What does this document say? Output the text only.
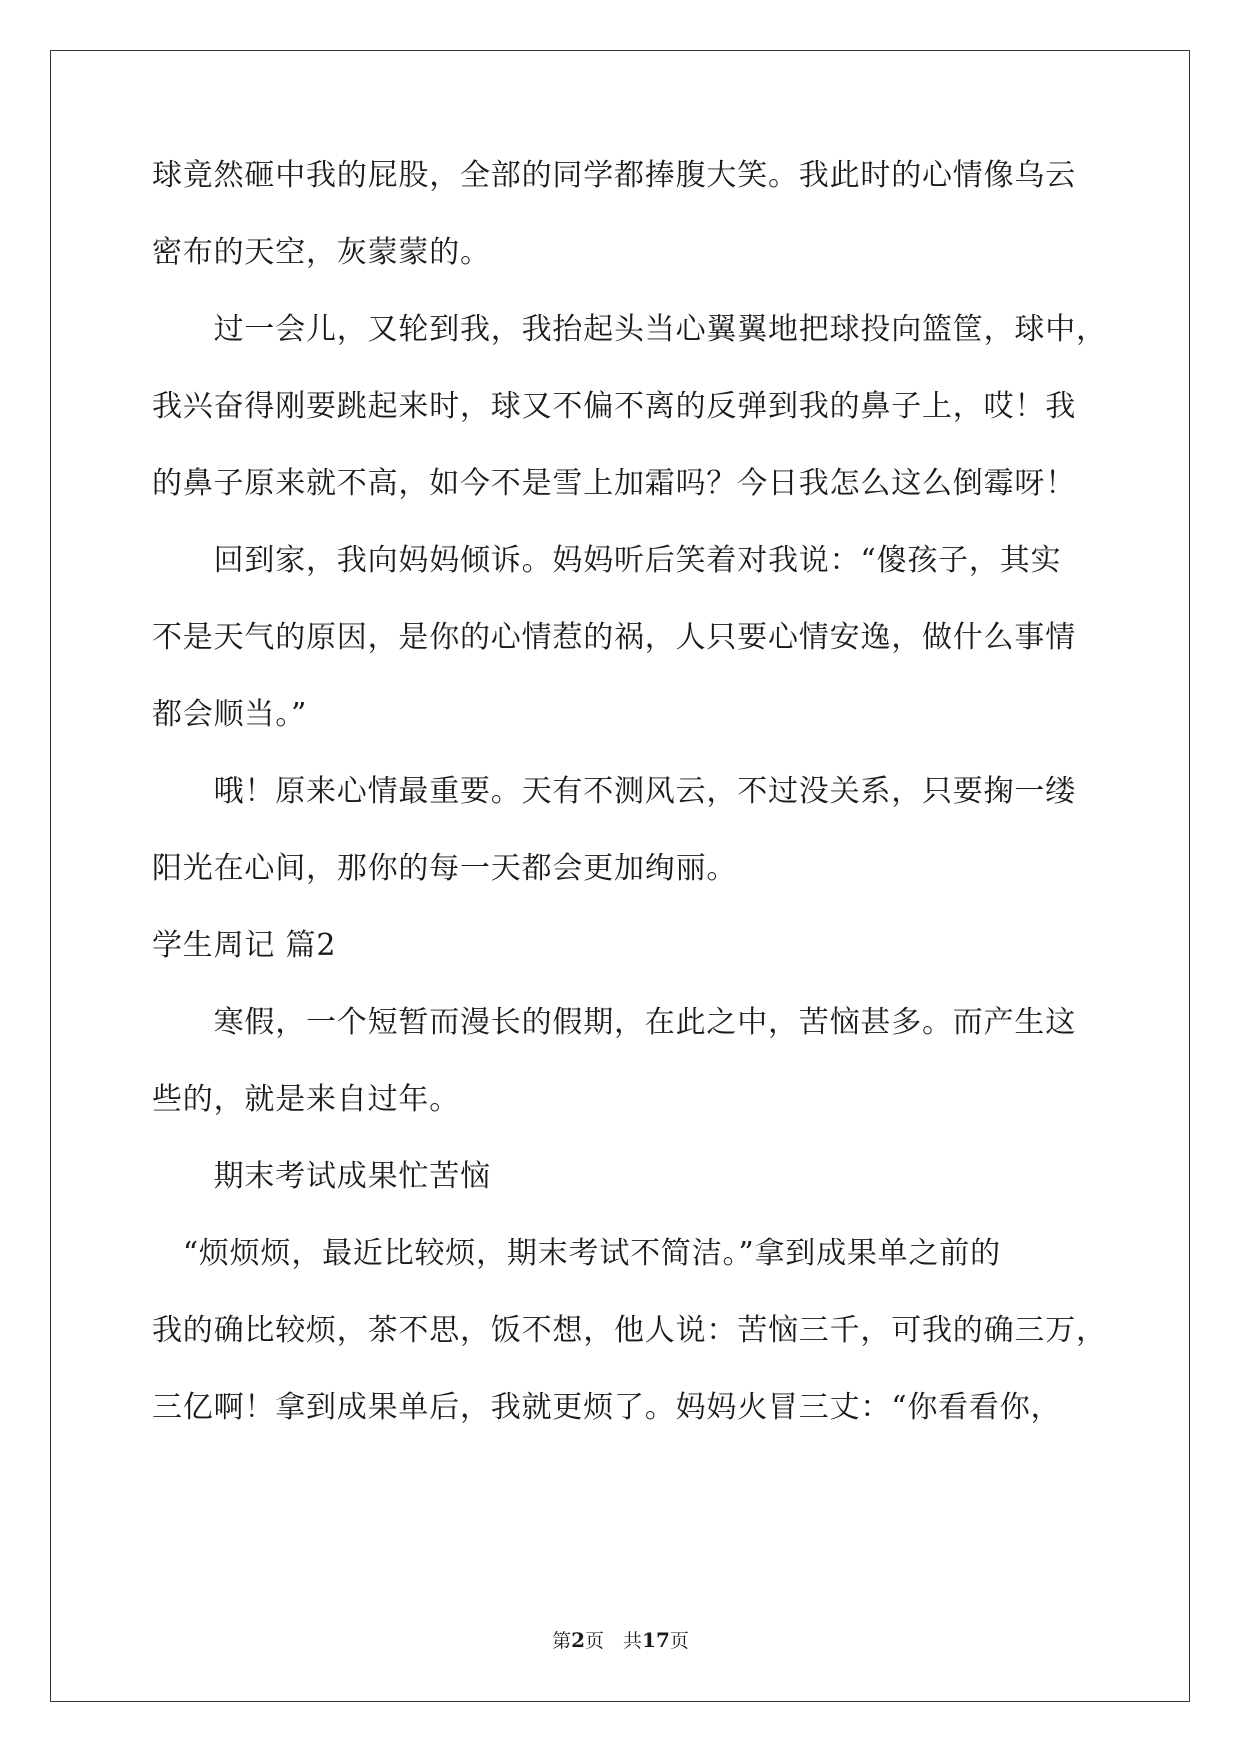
球竟然砸中我的屁股，全部的同学都捧腹大笑。我此时的心情像乌云
密布的天空，灰蒙蒙的。
　　过一会儿，又轮到我，我抬起头当心翼翼地把球投向篮筐，球中，
我兴奋得刚要跳起来时，球又不偏不离的反弹到我的鼻子上，哎！我
的鼻子原来就不高，如今不是雪上加霜吗？今日我怎么这么倒霉呀！
　　回到家，我向妈妈倾诉。妈妈听后笑着对我说：“傻孩子，其实
不是天气的原因，是你的心情惹的祸，人只要心情安逸，做什么事情
都会顺当。”
　　哦！原来心情最重要。天有不测风云，不过没关系，只要掬一缕
阳光在心间，那你的每一天都会更加绚丽。
学生周记 篇2
　　寒假，一个短暂而漫长的假期，在此之中，苦恼甚多。而产生这
些的，就是来自过年。
　　期末考试成果忙苦恼
　“烦烦烦，最近比较烦，期末考试不简洁。”拿到成果单之前的
我的确比较烦，茶不思，饭不想，他人说：苦恼三千，可我的确三万，
三亿啊！拿到成果单后，我就更烦了。妈妈火冒三丈：“你看看你，
第2页　共17页
